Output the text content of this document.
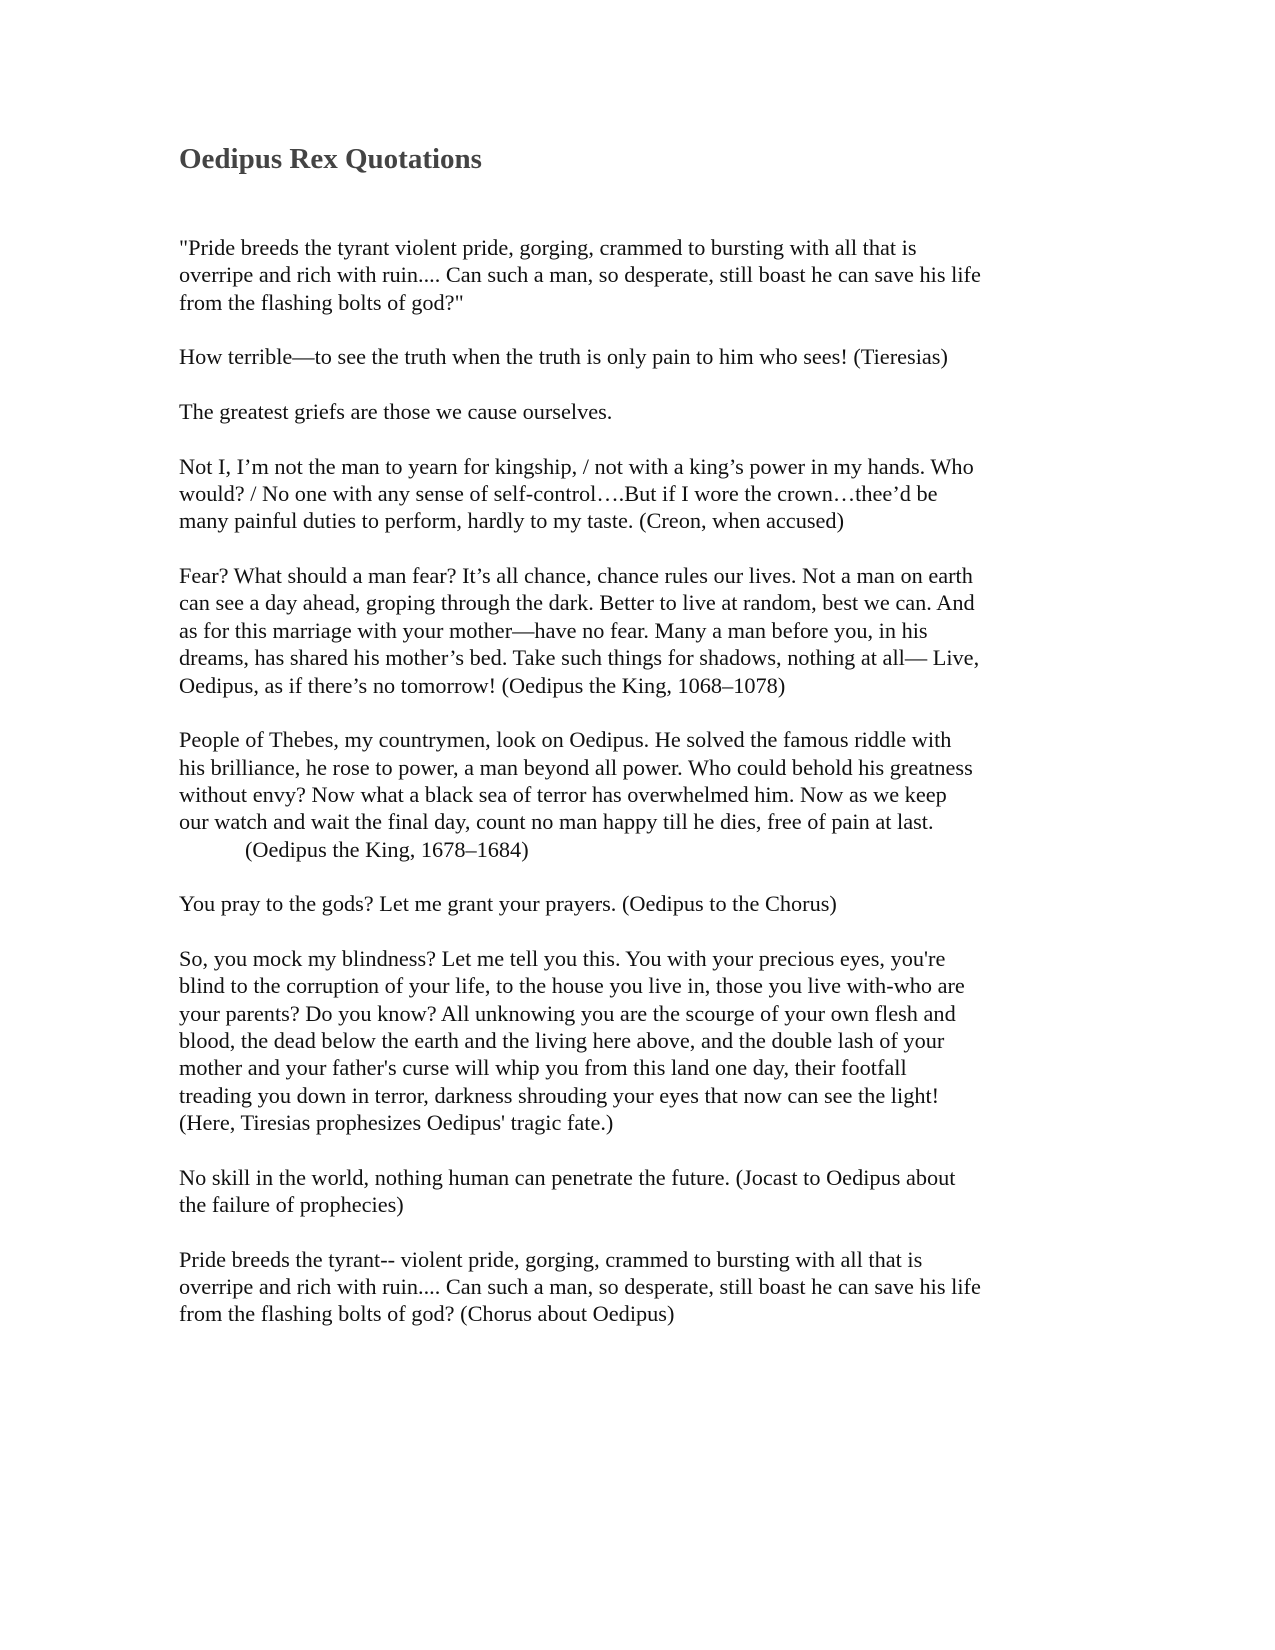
Oedipus Rex Quotations

"Pride breeds the tyrant violent pride, gorging, crammed to bursting with all that is
overripe and rich with ruin.... Can such a man, so desperate, still boast he can save his life
from the flashing bolts of god?"

How terrible—to see the truth when the truth is only pain to him who sees! (Tieresias)

The greatest griefs are those we cause ourselves.

Not I, I’m not the man to yearn for kingship, / not with a king’s power in my hands. Who
would? / No one with any sense of self-control….But if I wore the crown…thee’d be
many painful duties to perform, hardly to my taste. (Creon, when accused)

Fear? What should a man fear? It’s all chance, chance rules our lives. Not a man on earth
can see a day ahead, groping through the dark. Better to live at random, best we can. And
as for this marriage with your mother—have no fear. Many a man before you, in his
dreams, has shared his mother’s bed. Take such things for shadows, nothing at all— Live,
Oedipus, as if there’s no tomorrow! (Oedipus the King, 1068–1078)

People of Thebes, my countrymen, look on Oedipus. He solved the famous riddle with
his brilliance, he rose to power, a man beyond all power. Who could behold his greatness
without envy? Now what a black sea of terror has overwhelmed him. Now as we keep
our watch and wait the final day, count no man happy till he dies, free of pain at last.
(Oedipus the King, 1678–1684)

You pray to the gods? Let me grant your prayers. (Oedipus to the Chorus)

So, you mock my blindness? Let me tell you this. You with your precious eyes, you're
blind to the corruption of your life, to the house you live in, those you live with-who are
your parents? Do you know? All unknowing you are the scourge of your own flesh and
blood, the dead below the earth and the living here above, and the double lash of your
mother and your father's curse will whip you from this land one day, their footfall
treading you down in terror, darkness shrouding your eyes that now can see the light!
(Here, Tiresias prophesizes Oedipus' tragic fate.)

No skill in the world, nothing human can penetrate the future. (Jocast to Oedipus about
the failure of prophecies)

Pride breeds the tyrant-- violent pride, gorging, crammed to bursting with all that is
overripe and rich with ruin.... Can such a man, so desperate, still boast he can save his life
from the flashing bolts of god? (Chorus about Oedipus)
